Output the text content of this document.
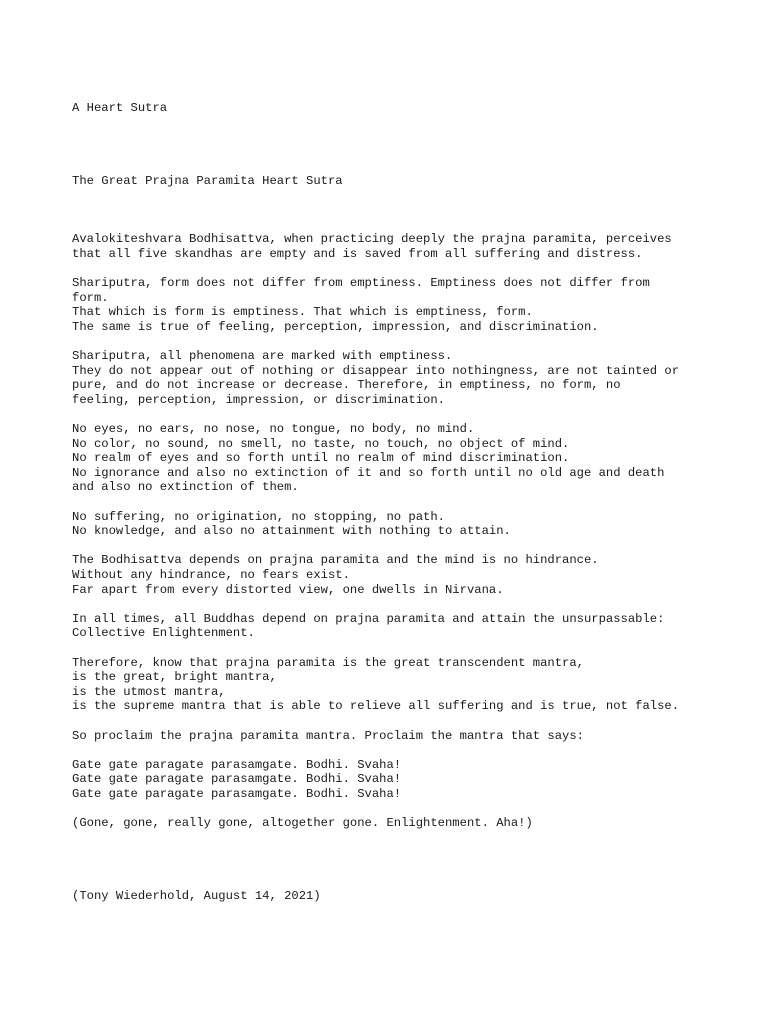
A Heart Sutra

The Great Prajna Paramita Heart Sutra

Avalokiteshvara Bodhisattva, when practicing deeply the prajna paramita, perceives
that all five skandhas are empty and is saved from all suffering and distress.
Shariputra, form does not differ from emptiness. Emptiness does not differ from
form.
That which is form is emptiness. That which is emptiness, form.
The same is true of feeling, perception, impression, and discrimination.
Shariputra, all phenomena are marked with emptiness.
They do not appear out of nothing or disappear into nothingness, are not tainted or
pure, and do not increase or decrease. Therefore, in emptiness, no form, no
feeling, perception, impression, or discrimination.
No eyes, no ears, no nose, no tongue, no body, no mind.
No color, no sound, no smell, no taste, no touch, no object of mind.
No realm of eyes and so forth until no realm of mind discrimination.
No ignorance and also no extinction of it and so forth until no old age and death
and also no extinction of them.
No suffering, no origination, no stopping, no path.
No knowledge, and also no attainment with nothing to attain.
The Bodhisattva depends on prajna paramita and the mind is no hindrance.
Without any hindrance, no fears exist.
Far apart from every distorted view, one dwells in Nirvana.
In all times, all Buddhas depend on prajna paramita and attain the unsurpassable:
Collective Enlightenment.
Therefore, know that prajna paramita is the great transcendent mantra,
is the great, bright mantra,
is the utmost mantra,
is the supreme mantra that is able to relieve all suffering and is true, not false.
So proclaim the prajna paramita mantra. Proclaim the mantra that says:
Gate gate paragate parasamgate. Bodhi. Svaha!
Gate gate paragate parasamgate. Bodhi. Svaha!
Gate gate paragate parasamgate. Bodhi. Svaha!
(Gone, gone, really gone, altogether gone. Enlightenment. Aha!)

(Tony Wiederhold, August 14, 2021)
